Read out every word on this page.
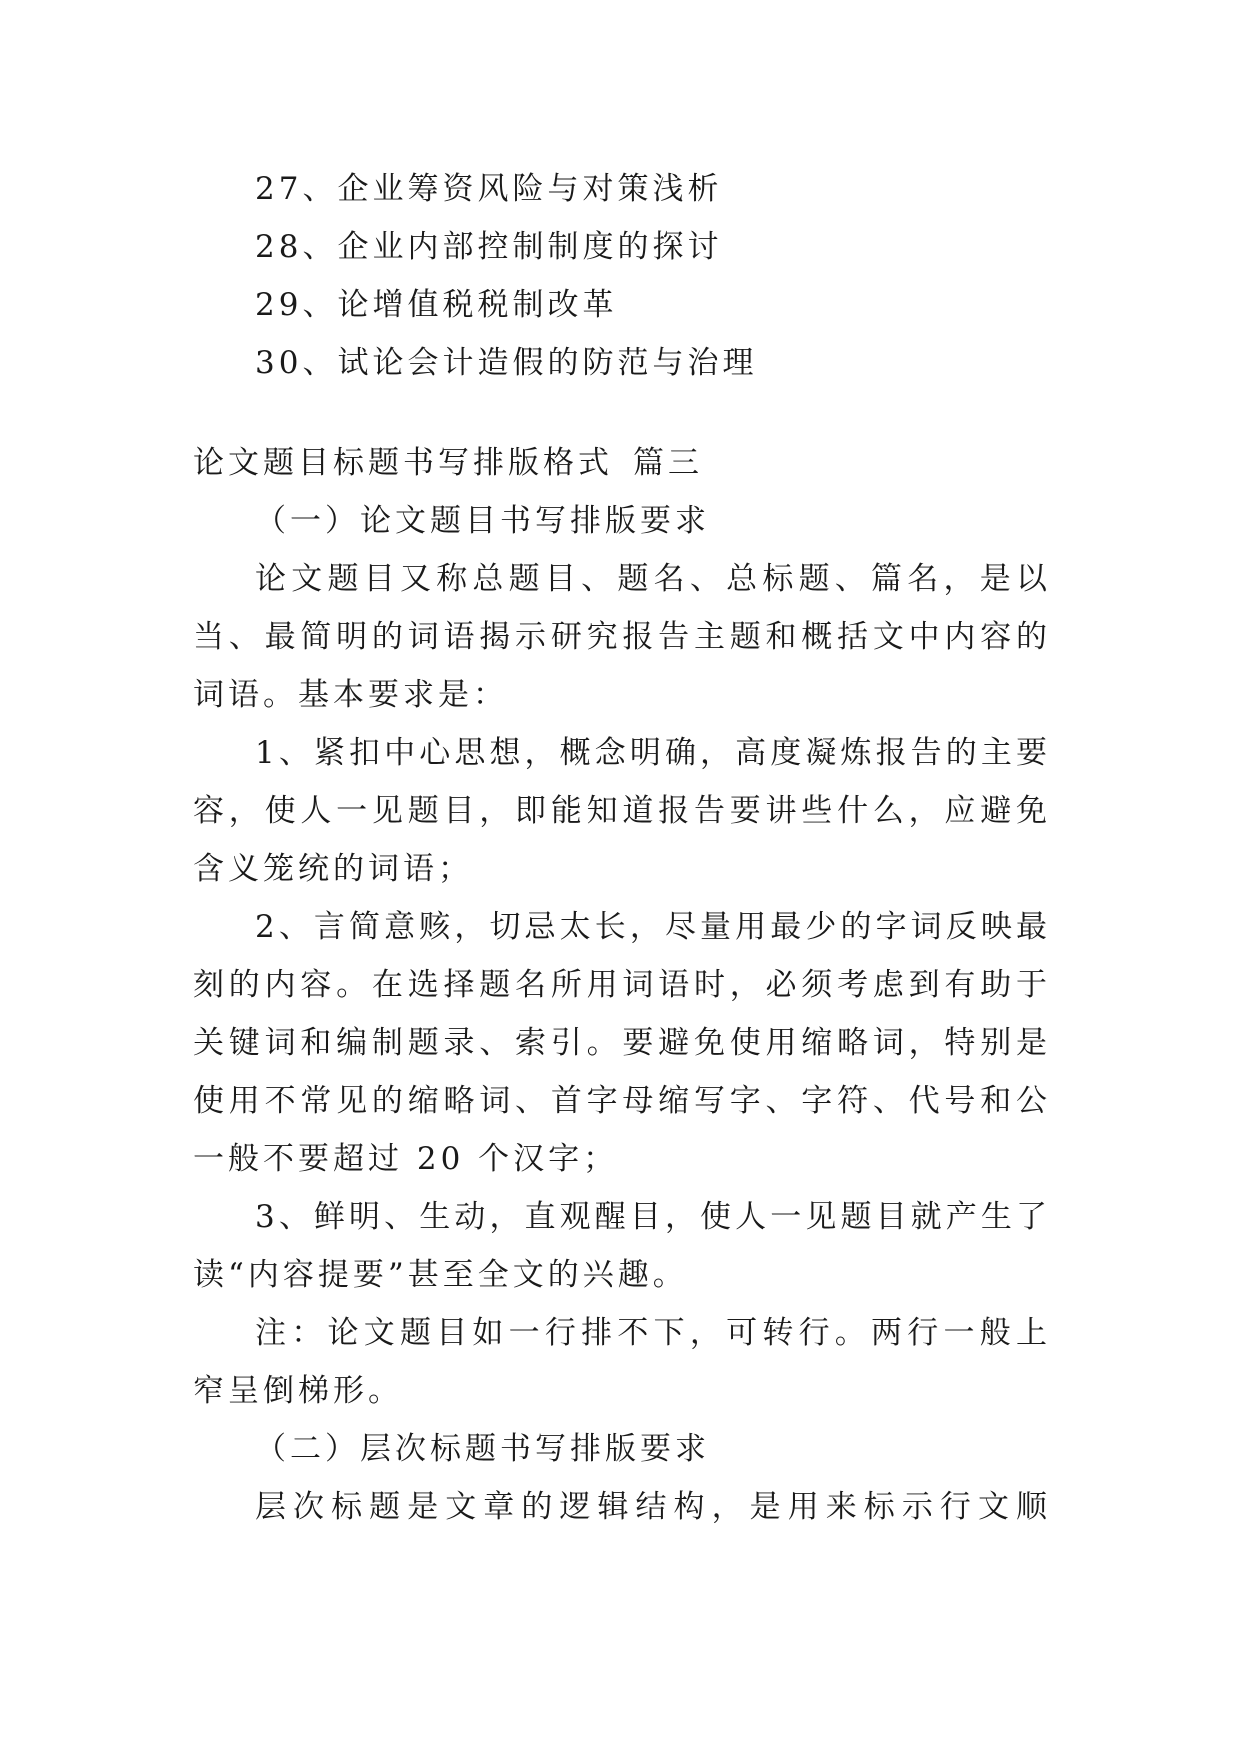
27、企业筹资风险与对策浅析
28、企业内部控制制度的探讨
29、论增值税税制改革
30、试论会计造假的防范与治理
论文题目标题书写排版格式 篇三
（一）论文题目书写排版要求
论文题目又称总题目、题名、总标题、篇名，是以
当、最简明的词语揭示研究报告主题和概括文中内容的
词语。基本要求是：
1、紧扣中心思想，概念明确，高度凝炼报告的主要
容，使人一见题目，即能知道报告要讲些什么，应避免
含义笼统的词语；
2、言简意赅，切忌太长，尽量用最少的字词反映最
刻的内容。在选择题名所用词语时，必须考虑到有助于
关键词和编制题录、索引。要避免使用缩略词，特别是
使用不常见的缩略词、首字母缩写字、字符、代号和公
一般不要超过 20 个汉字；
3、鲜明、生动，直观醒目，使人一见题目就产生了
读“内容提要”甚至全文的兴趣。
注：论文题目如一行排不下，可转行。两行一般上
窄呈倒梯形。
（二）层次标题书写排版要求
层次标题是文章的逻辑结构，是用来标示行文顺
